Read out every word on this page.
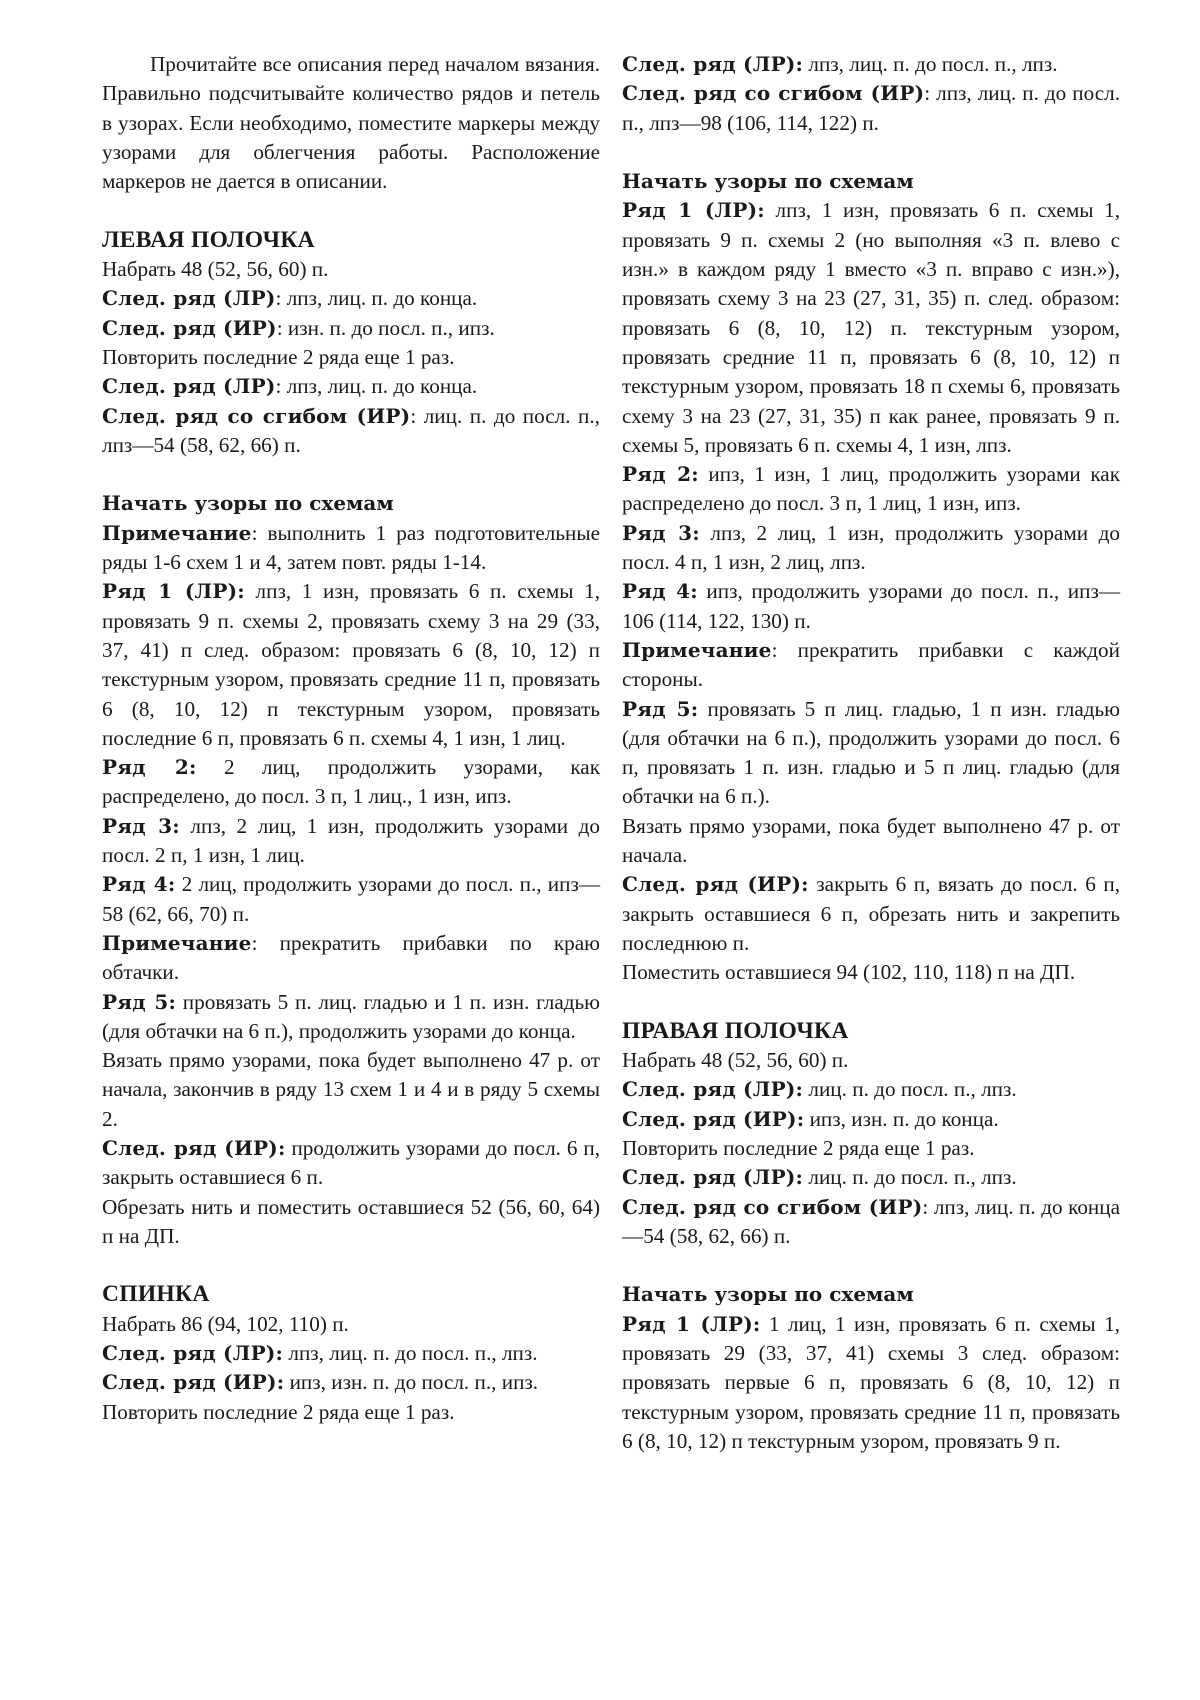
Прочитайте все описания перед началом вязания. Правильно подсчитывайте количество рядов и петель в узорах. Если необходимо, поместите маркеры между узорами для облегчения работы. Расположение маркеров не дается в описании.

ЛЕВАЯ ПОЛОЧКА

Набрать 48 (52, 56, 60) п.

След. ряд (ЛР): лпз, лиц. п. до конца.

След. ряд (ИР): изн. п. до посл. п., ипз.

Повторить последние 2 ряда еще 1 раз.

След. ряд (ЛР): лпз, лиц. п. до конца.

След. ряд со сгибом (ИР): лиц. п. до посл. п., лпз—54 (58, 62, 66) п.

Начать узоры по схемам

Примечание: выполнить 1 раз подготовительные ряды 1-6 схем 1 и 4, затем повт. ряды 1-14.

Ряд 1 (ЛР): лпз, 1 изн, провязать 6 п. схемы 1, провязать 9 п. схемы 2, провязать схему 3 на 29 (33, 37, 41) п след. образом: провязать 6 (8, 10, 12) п текстурным узором, провязать средние 11 п, провязать 6 (8, 10, 12) п текстурным узором, провязать последние 6 п, провязать 6 п. схемы 4, 1 изн, 1 лиц.

Ряд 2: 2 лиц, продолжить узорами, как распределено, до посл. 3 п, 1 лиц., 1 изн, ипз.

Ряд 3: лпз, 2 лиц, 1 изн, продолжить узорами до посл. 2 п, 1 изн, 1 лиц.

Ряд 4: 2 лиц, продолжить узорами до посл. п., ипз—58 (62, 66, 70) п.

Примечание: прекратить прибавки по краю обтачки.

Ряд 5: провязать 5 п. лиц. гладью и 1 п. изн. гладью (для обтачки на 6 п.), продолжить узорами до конца.

Вязать прямо узорами, пока будет выполнено 47 р. от начала, закончив в ряду 13 схем 1 и 4 и в ряду 5 схемы 2.

След. ряд (ИР): продолжить узорами до посл. 6 п, закрыть оставшиеся 6 п.

Обрезать нить и поместить оставшиеся 52 (56, 60, 64) п на ДП.

СПИНКА

Набрать 86 (94, 102, 110) п.

След. ряд (ЛР): лпз, лиц. п. до посл. п., лпз.

След. ряд (ИР): ипз, изн. п. до посл. п., ипз.

Повторить последние 2 ряда еще 1 раз.

След. ряд (ЛР): лпз, лиц. п. до посл. п., лпз.

След. ряд со сгибом (ИР): лпз, лиц. п. до посл. п., лпз—98 (106, 114, 122) п.

Начать узоры по схемам

Ряд 1 (ЛР): лпз, 1 изн, провязать 6 п. схемы 1, провязать 9 п. схемы 2 (но выполняя «3 п. влево с изн.» в каждом ряду 1 вместо «3 п. вправо с изн.»), провязать схему 3 на 23 (27, 31, 35) п. след. образом: провязать 6 (8, 10, 12) п. текстурным узором, провязать средние 11 п, провязать 6 (8, 10, 12) п текстурным узором, провязать 18 п схемы 6, провязать схему 3 на 23 (27, 31, 35) п как ранее, провязать 9 п. схемы 5, провязать 6 п. схемы 4, 1 изн, лпз.

Ряд 2: ипз, 1 изн, 1 лиц, продолжить узорами как распределено до посл. 3 п, 1 лиц, 1 изн, ипз.

Ряд 3: лпз, 2 лиц, 1 изн, продолжить узорами до посл. 4 п, 1 изн, 2 лиц, лпз.

Ряд 4: ипз, продолжить узорами до посл. п., ипз—106 (114, 122, 130) п.

Примечание: прекратить прибавки с каждой стороны.

Ряд 5: провязать 5 п лиц. гладью, 1 п изн. гладью (для обтачки на 6 п.), продолжить узорами до посл. 6 п, провязать 1 п. изн. гладью и 5 п лиц. гладью (для обтачки на 6 п.).

Вязать прямо узорами, пока будет выполнено 47 р. от начала.

След. ряд (ИР): закрыть 6 п, вязать до посл. 6 п, закрыть оставшиеся 6 п, обрезать нить и закрепить последнюю п.

Поместить оставшиеся 94 (102, 110, 118) п на ДП.

ПРАВАЯ ПОЛОЧКА

Набрать 48 (52, 56, 60) п.

След. ряд (ЛР): лиц. п. до посл. п., лпз.

След. ряд (ИР): ипз, изн. п. до конца.

Повторить последние 2 ряда еще 1 раз.

След. ряд (ЛР): лиц. п. до посл. п., лпз.

След. ряд со сгибом (ИР): лпз, лиц. п. до конца—54 (58, 62, 66) п.

Начать узоры по схемам

Ряд 1 (ЛР): 1 лиц, 1 изн, провязать 6 п. схемы 1, провязать 29 (33, 37, 41) схемы 3 след. образом: провязать первые 6 п, провязать 6 (8, 10, 12) п текстурным узором, провязать средние 11 п, провязать 6 (8, 10, 12) п текстурным узором, провязать 9 п.
